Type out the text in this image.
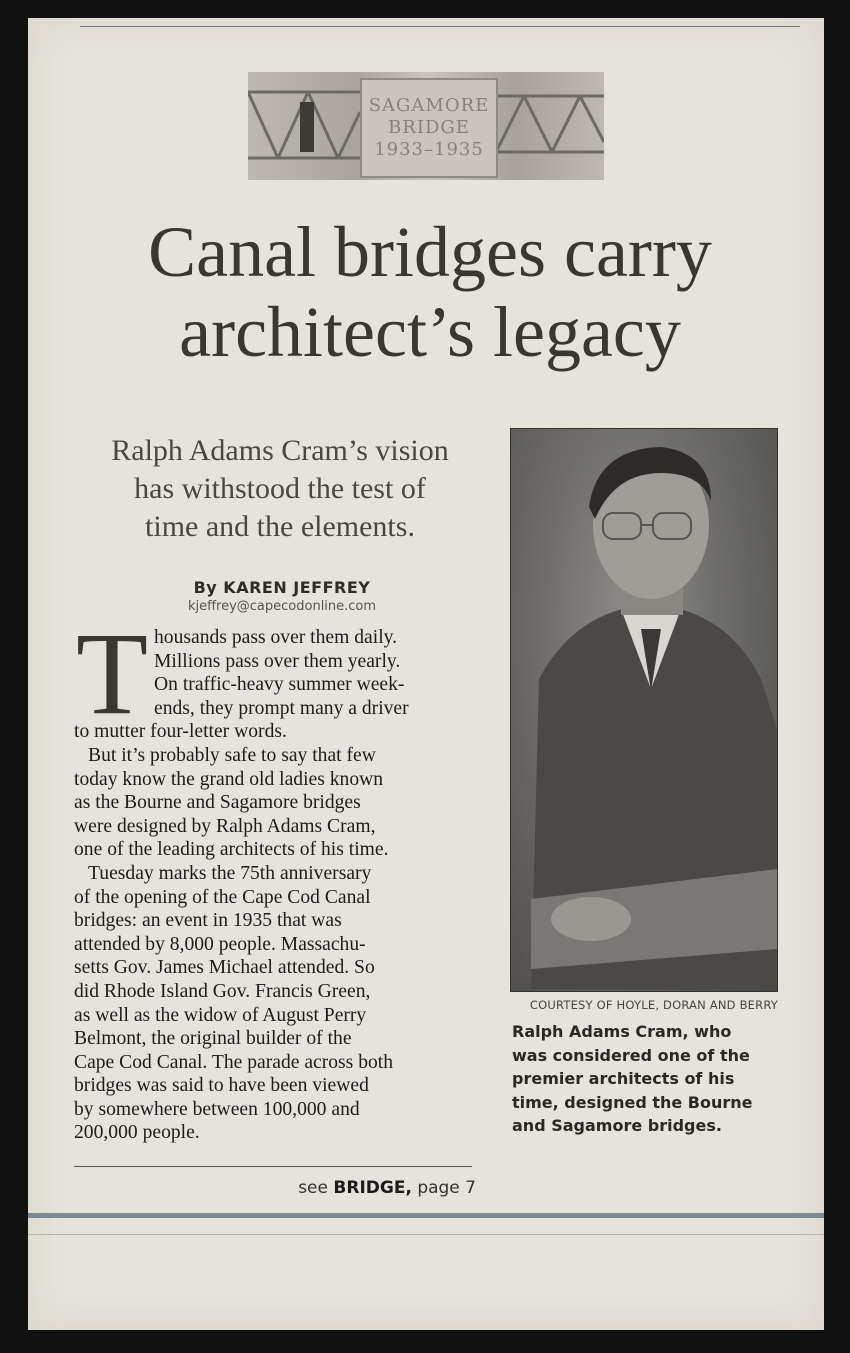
SAGAMORE
BRIDGE
1933–1935
Canal bridges carry
architect’s legacy
Ralph Adams Cram’s vision
has withstood the test of
time and the elements.
By KAREN JEFFREY
kjeffrey@capecodonline.com
T housands pass over them daily.
Millions pass over them yearly.
On traffic-heavy summer week-
ends, they prompt many a driver
to mutter four-letter words.
But it’s probably safe to say that few
today know the grand old ladies known
as the Bourne and Sagamore bridges
were designed by Ralph Adams Cram,
one of the leading architects of his time.
Tuesday marks the 75th anniversary
of the opening of the Cape Cod Canal
bridges: an event in 1935 that was
attended by 8,000 people. Massachu-
setts Gov. James Michael attended. So
did Rhode Island Gov. Francis Green,
as well as the widow of August Perry
Belmont, the original builder of the
Cape Cod Canal. The parade across both
bridges was said to have been viewed
by somewhere between 100,000 and
200,000 people.
see BRIDGE, page 7
COURTESY OF HOYLE, DORAN AND BERRY
Ralph Adams Cram, who
was considered one of the
premier architects of his
time, designed the Bourne
and Sagamore bridges.
